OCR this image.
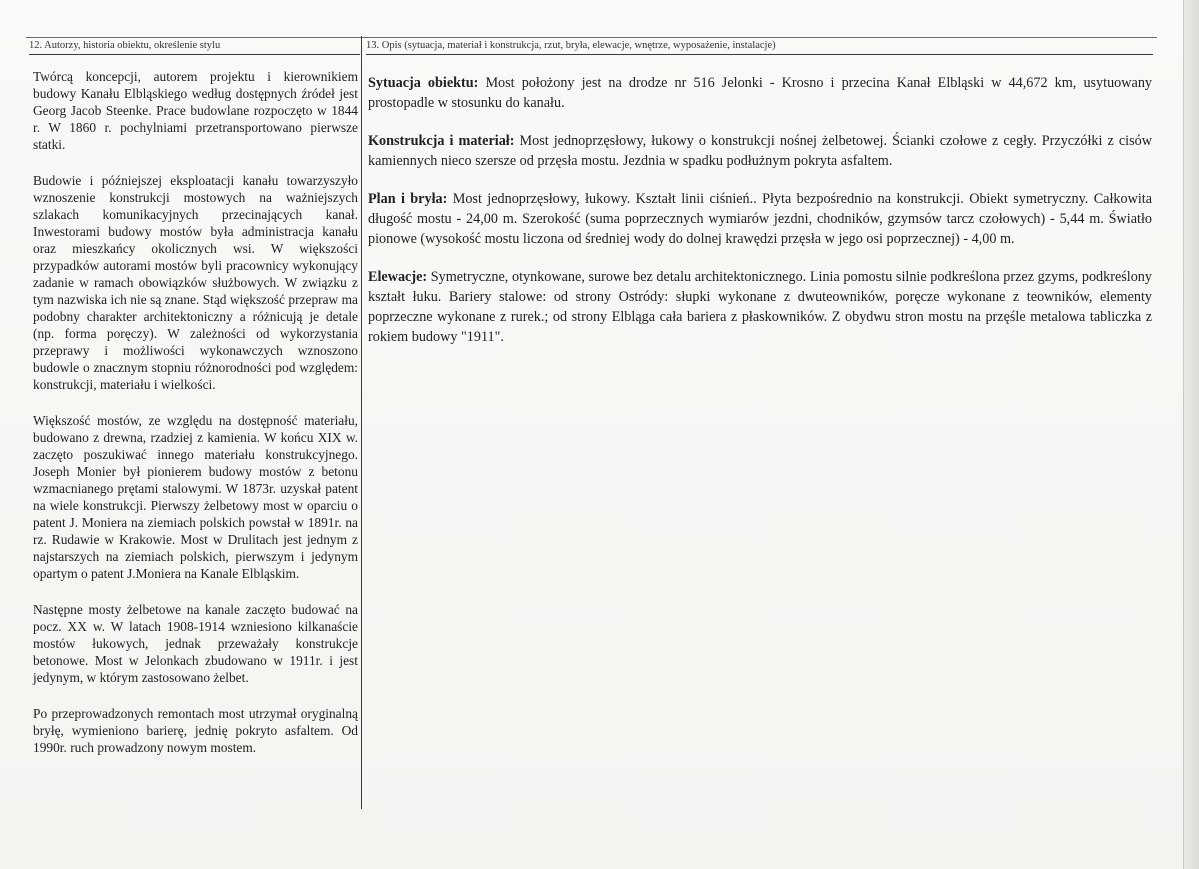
12. Autorzy, historia obiektu, określenie stylu	13. Opis (sytuacja, materiał i konstrukcja, rzut, bryła, elewacje, wnętrze, wyposażenie, instalacje)

Twórcą koncepcji, autorem projektu i kierownikiem budowy Kanału Elbląskiego według dostępnych źródeł jest Georg Jacob Steenke. Prace budowlane rozpoczęto w 1844 r. W 1860 r. pochylniami przetransportowano pierwsze statki.

Budowie i późniejszej eksploatacji kanału towarzyszyło wznoszenie konstrukcji mostowych na ważniejszych szlakach komunikacyjnych przecinających kanał. Inwestorami budowy mostów była administracja kanału oraz mieszkańcy okolicznych wsi. W większości przypadków autorami mostów byli pracownicy wykonujący zadanie w ramach obowiązków służbowych. W związku z tym nazwiska ich nie są znane. Stąd większość przepraw ma podobny charakter architektoniczny a różnicują je detale (np. forma poręczy). W zależności od wykorzystania przeprawy i możliwości wykonawczych wznoszono budowle o znacznym stopniu różnorodności pod względem: konstrukcji, materiału i wielkości.

Większość mostów, ze względu na dostępność materiału, budowano z drewna, rzadziej z kamienia. W końcu XIX w. zaczęto poszukiwać innego materiału konstrukcyjnego. Joseph Monier był pionierem budowy mostów z betonu wzmacnianego prętami stalowymi. W 1873r. uzyskał patent na wiele konstrukcji. Pierwszy żelbetowy most w oparciu o patent J. Moniera na ziemiach polskich powstał w 1891r. na rz. Rudawie w Krakowie. Most w Drulitach jest jednym z najstarszych na ziemiach polskich, pierwszym i jedynym opartym o patent J.Moniera na Kanale Elbląskim.

Następne mosty żelbetowe na kanale zaczęto budować na pocz. XX w. W latach 1908-1914 wzniesiono kilkanaście mostów łukowych, jednak przeważały konstrukcje betonowe. Most w Jelonkach zbudowano w 1911r. i jest jedynym, w którym zastosowano żelbet.

Po przeprowadzonych remontach most utrzymał oryginalną bryłę, wymieniono barierę, jednię pokryto asfaltem. Od 1990r. ruch prowadzony nowym mostem.

Sytuacja obiektu: Most położony jest na drodze nr 516 Jelonki - Krosno i przecina Kanał Elbląski w 44,672 km, usytuowany prostopadle w stosunku do kanału.

Konstrukcja i materiał: Most jednoprzęsłowy, łukowy o konstrukcji nośnej żelbetowej. Ścianki czołowe z cegły. Przyczółki z cisów kamiennych nieco szersze od przęsła mostu. Jezdnia w spadku podłużnym pokryta asfaltem.

Plan i bryła: Most jednoprzęsłowy, łukowy. Kształt linii ciśnień.. Płyta bezpośrednio na konstrukcji. Obiekt symetryczny. Całkowita długość mostu - 24,00 m. Szerokość (suma poprzecznych wymiarów jezdni, chodników, gzymsów tarcz czołowych) - 5,44 m. Światło pionowe (wysokość mostu liczona od średniej wody do dolnej krawędzi przęsła w jego osi poprzecznej) - 4,00 m.

Elewacje: Symetryczne, otynkowane, surowe bez detalu architektonicznego. Linia pomostu silnie podkreślona przez gzyms, podkreślony kształt łuku. Bariery stalowe: od strony Ostródy: słupki wykonane z dwuteowników, poręcze wykonane z teowników, elementy poprzeczne wykonane z rurek.; od strony Elbląga cała bariera z płaskowników. Z obydwu stron mostu na przęśle metalowa tabliczka z rokiem budowy "1911".
